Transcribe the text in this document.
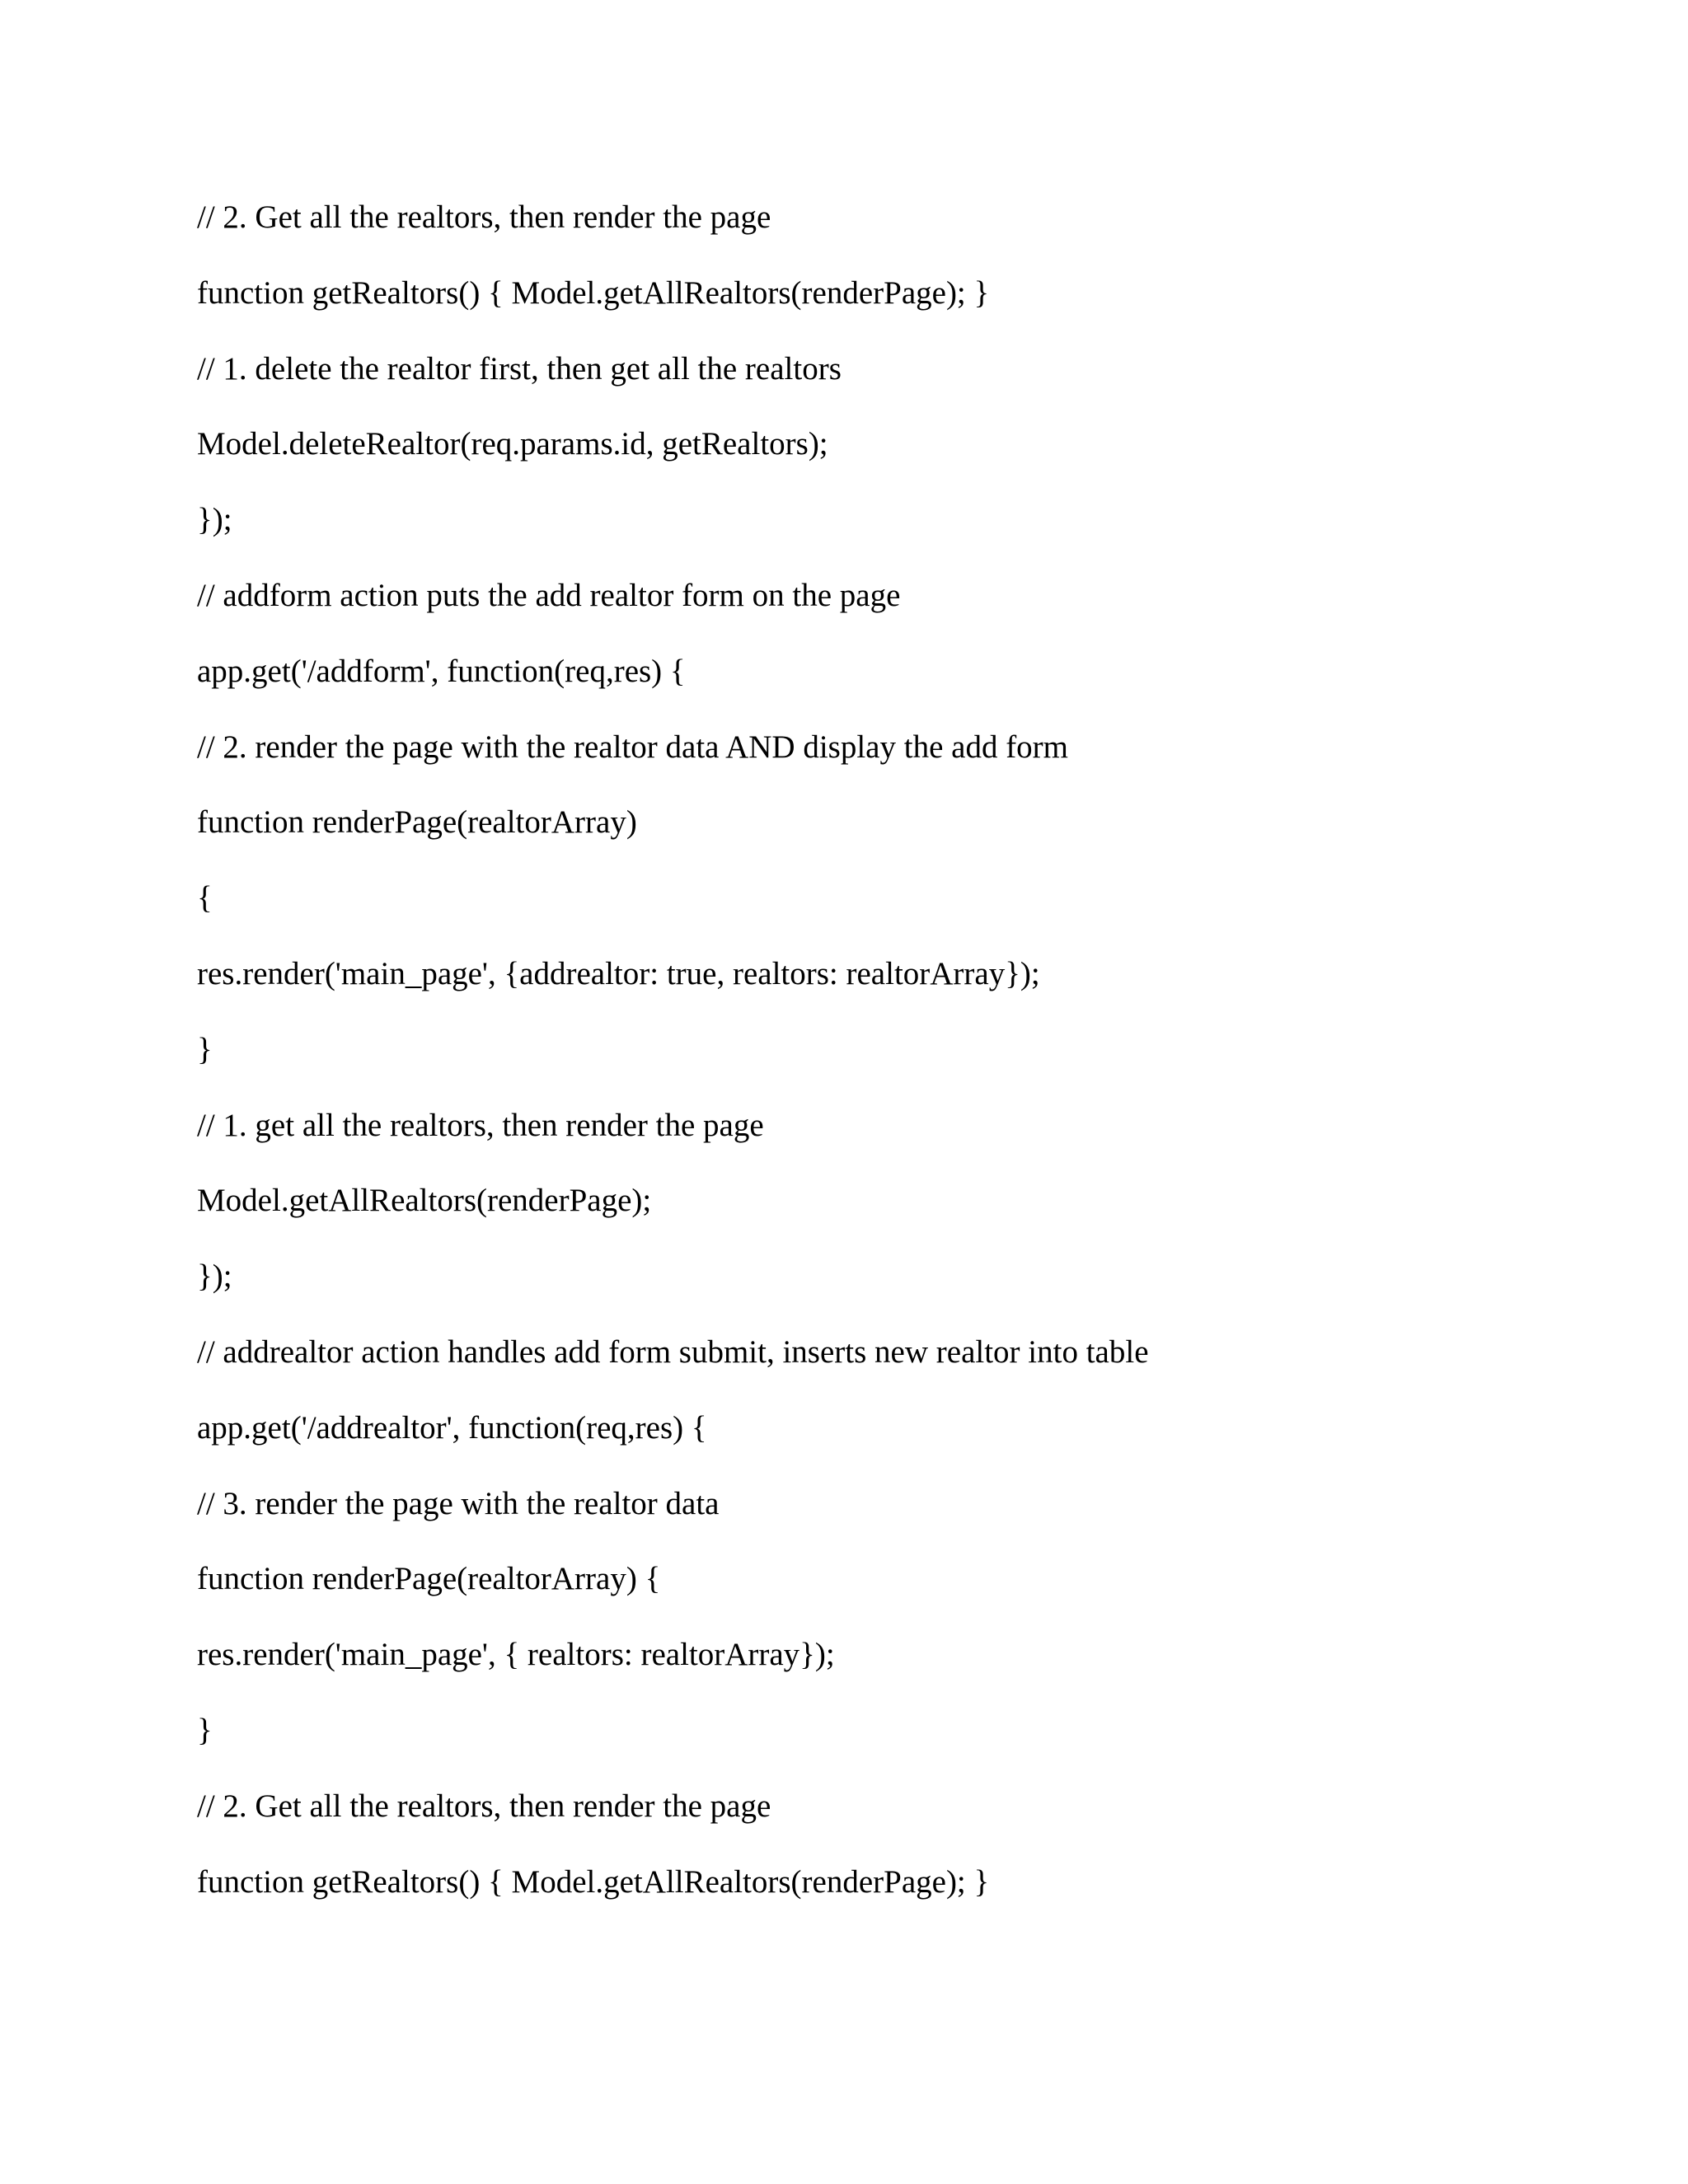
// 2. Get all the realtors, then render the page
function getRealtors() { Model.getAllRealtors(renderPage); }
// 1. delete the realtor first, then get all the realtors
Model.deleteRealtor(req.params.id, getRealtors);
});
// addform action puts the add realtor form on the page
app.get('/addform', function(req,res) {
// 2. render the page with the realtor data AND display the add form
function renderPage(realtorArray)
{
res.render('main_page', {addrealtor: true, realtors: realtorArray});
}
// 1. get all the realtors, then render the page
Model.getAllRealtors(renderPage);
});
// addrealtor action handles add form submit, inserts new realtor into table
app.get('/addrealtor', function(req,res) {
// 3. render the page with the realtor data
function renderPage(realtorArray) {
res.render('main_page', { realtors: realtorArray});
}
// 2. Get all the realtors, then render the page
function getRealtors() { Model.getAllRealtors(renderPage); }
